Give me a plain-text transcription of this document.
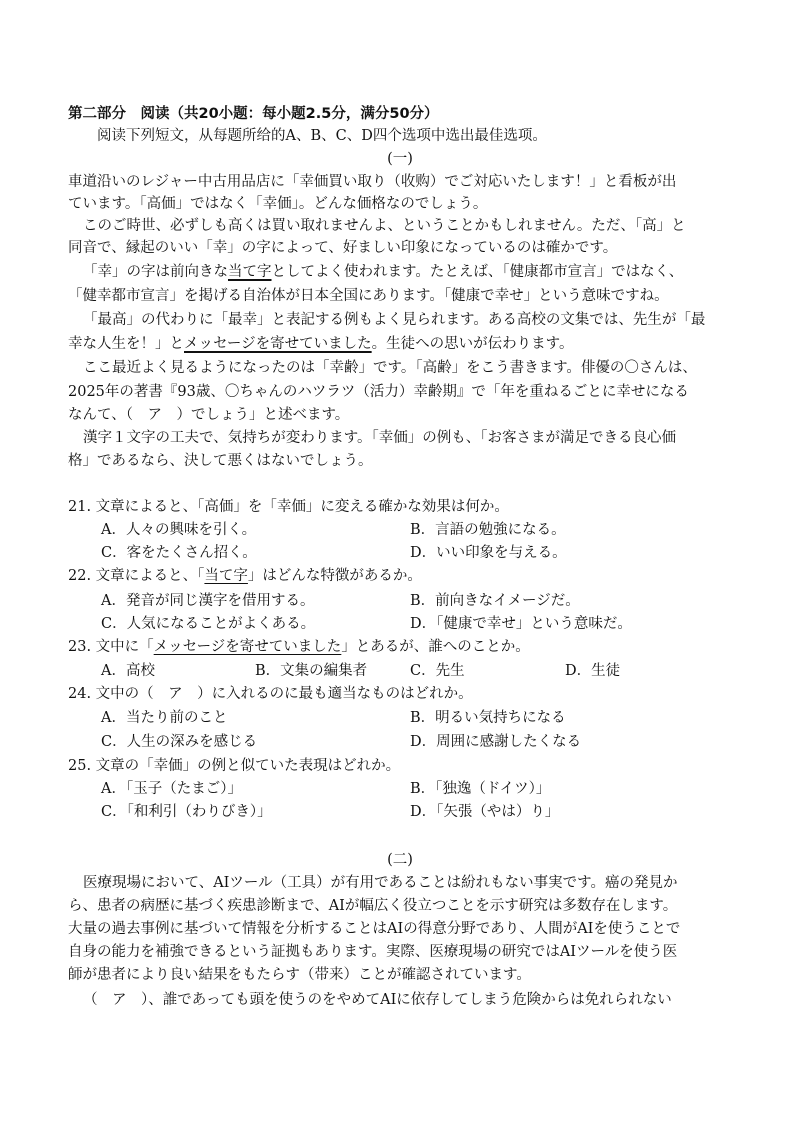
第二部分　阅读（共20小题：每小题2.5分，满分50分）
阅读下列短文，从每题所给的A、B、C、D四个选项中选出最佳选项。
(一)
車道沿いのレジャー中古用品店に「幸価買い取り（收购）でご対応いたします！」と看板が出
ています。「高価」ではなく「幸価」。どんな価格なのでしょう。
このご時世、必ずしも高くは買い取れませんよ、ということかもしれません。ただ、「高」と
同音で、縁起のいい「幸」の字によって、好ましい印象になっているのは確かです。
「幸」の字は前向きな当て字としてよく使われます。たとえば、「健康都市宣言」ではなく、
「健幸都市宣言」を掲げる自治体が日本全国にあります。「健康で幸せ」という意味ですね。
「最高」の代わりに「最幸」と表記する例もよく見られます。ある高校の文集では、先生が「最
幸な人生を！」とメッセージを寄せていました。生徒への思いが伝わります。
ここ最近よく見るようになったのは「幸齢」です。「高齢」をこう書きます。俳優の〇さんは、
2025年の著書『93歳、〇ちゃんのハツラツ（活力）幸齢期』で「年を重ねるごとに幸せになる
なんて、（　ア　）でしょう」と述べます。
漢字１文字の工夫で、気持ちが変わります。「幸価」の例も、「お客さまが満足できる良心価
格」であるなら、決して悪くはないでしょう。
21. 文章によると、「高価」を「幸価」に変える確かな効果は何か。
A．人々の興味を引く。	B．言語の勉強になる。
C．客をたくさん招く。	D．いい印象を与える。
22. 文章によると、「当て字」はどんな特徴があるか。
A．発音が同じ漢字を借用する。	B．前向きなイメージだ。
C．人気になることがよくある。	D．「健康で幸せ」という意味だ。
23. 文中に「メッセージを寄せていました」とあるが、誰へのことか。
A．高校	B．文集の編集者	C．先生	D．生徒
24. 文中の（　ア　）に入れるのに最も適当なものはどれか。
A．当たり前のこと	B．明るい気持ちになる
C．人生の深みを感じる	D．周囲に感謝したくなる
25. 文章の「幸価」の例と似ていた表現はどれか。
A．「玉子（たまご）」	B．「独逸（ドイツ）」
C．「和利引（わりびき）」	D．「矢張（やは）り」
(二)
医療現場において、AIツール（工具）が有用であることは紛れもない事実です。癌の発見か
ら、患者の病歴に基づく疾患診断まで、AIが幅広く役立つことを示す研究は多数存在します。
大量の過去事例に基づいて情報を分析することはAIの得意分野であり、人間がAIを使うことで
自身の能力を補強できるという証拠もあります。実際、医療現場の研究ではAIツールを使う医
師が患者により良い結果をもたらす（带来）ことが確認されています。
（　ア　）、誰であっても頭を使うのをやめてAIに依存してしまう危険からは免れられない
